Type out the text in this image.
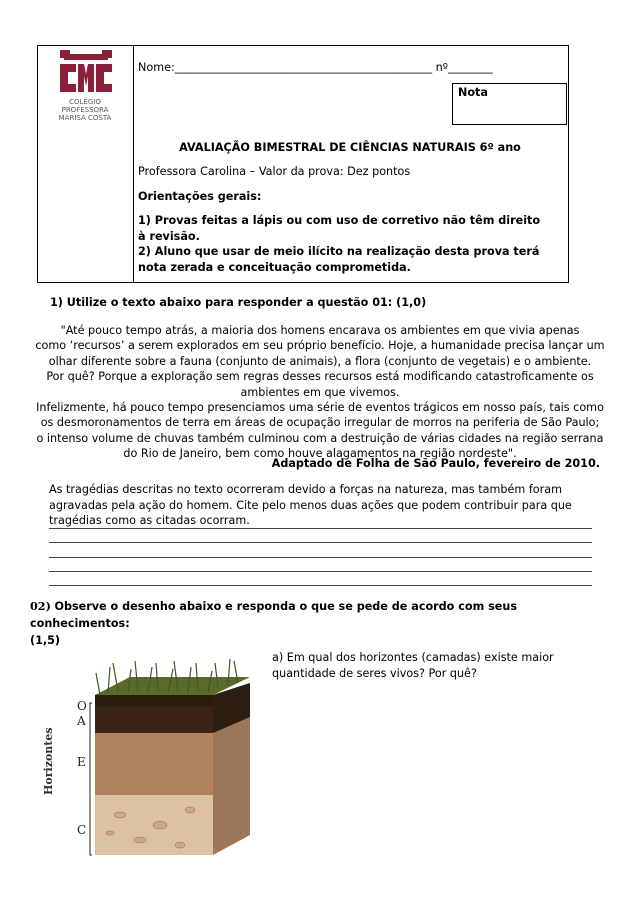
COLÉGIO
PROFESSORA
MARISA COSTA
Nome:______________________________________________ nº________
AVALIAÇÃO BIMESTRAL DE CIÊNCIAS NATURAIS 6º ano
Professora Carolina – Valor da prova: Dez pontos
Orientações gerais:
1) Provas feitas a lápis ou com uso de corretivo não têm direito à revisão.
2) Aluno que usar de meio ilícito na realização desta prova terá nota zerada e conceituação comprometida.
Nota
1) Utilize o texto abaixo para responder a questão 01: (1,0)
"Até pouco tempo atrás, a maioria dos homens encarava os ambientes em que vivia apenas
como ‘recursos’ a serem explorados em seu próprio benefício. Hoje, a humanidade precisa lançar um
olhar diferente sobre a fauna (conjunto de animais), a flora (conjunto de vegetais) e o ambiente.
Por quê? Porque a exploração sem regras desses recursos está modificando catastroficamente os
ambientes em que vivemos.
Infelizmente, há pouco tempo presenciamos uma série de eventos trágicos em nosso país, tais como
os desmoronamentos de terra em áreas de ocupação irregular de morros na periferia de São Paulo;
o intenso volume de chuvas também culminou com a destruição de várias cidades na região serrana
do Rio de Janeiro, bem como houve alagamentos na região nordeste".
Adaptado de Folha de São Paulo, fevereiro de 2010.
As tragédias descritas no texto ocorreram devido a forças na natureza, mas também foram
agravadas pela ação do homem. Cite pelo menos duas ações que podem contribuir para que
tragédias como as citadas ocorram.
02) Observe o desenho abaixo e responda o que se pede de acordo com seus conhecimentos:
(1,5)
a) Em qual dos horizontes (camadas) existe maior quantidade de seres vivos? Por quê?
Horizontes
O
A
E
C
